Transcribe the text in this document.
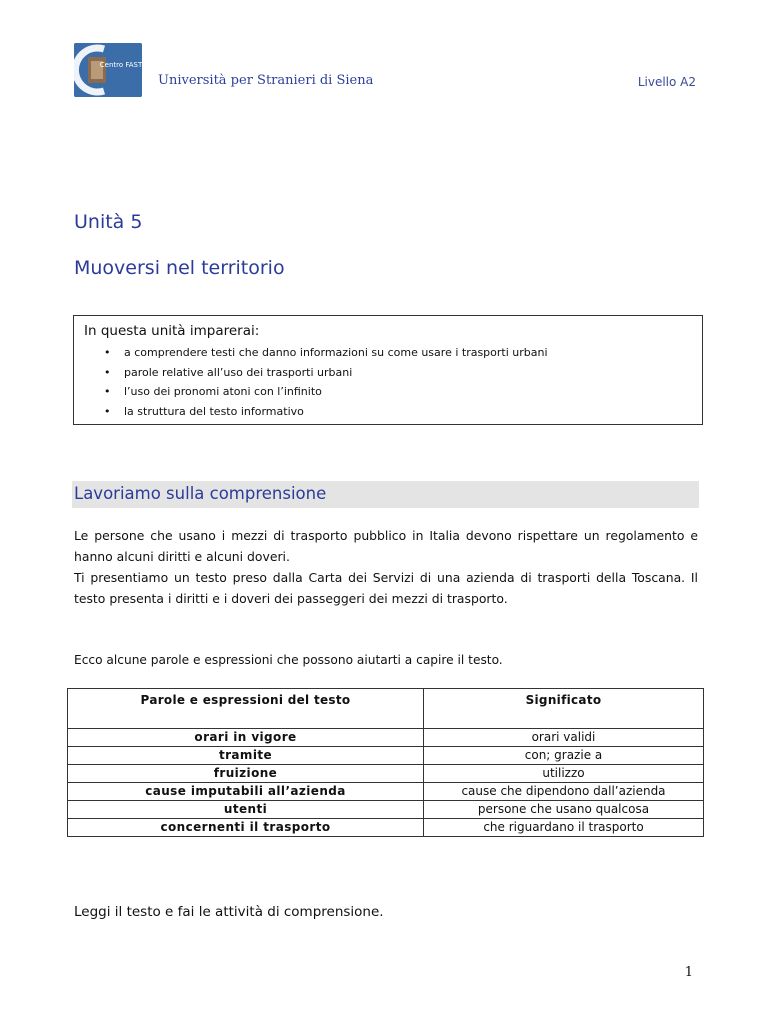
Centro FAST
Università per Stranieri di Siena	Livello A2
Unità 5
Muoversi nel territorio
In questa unità imparerai:
• a comprendere testi che danno informazioni su come usare i trasporti urbani
• parole relative all’uso dei trasporti urbani
• l’uso dei pronomi atoni con l’infinito
• la struttura del testo informativo
Lavoriamo sulla comprensione
Le persone che usano i mezzi di trasporto pubblico in Italia devono rispettare un regolamento e hanno alcuni diritti e alcuni doveri.
Ti presentiamo un testo preso dalla Carta dei Servizi di una azienda di trasporti della Toscana. Il testo presenta i diritti e i doveri dei passeggeri dei mezzi di trasporto.
Ecco alcune parole e espressioni che possono aiutarti a capire il testo.
Parole e espressioni del testo	Significato
orari in vigore	orari validi
tramite	con; grazie a
fruizione	utilizzo
cause imputabili all’azienda	cause che dipendono dall’azienda
utenti	persone che usano qualcosa
concernenti il trasporto	che riguardano il trasporto
Leggi il testo e fai le attività di comprensione.
1
